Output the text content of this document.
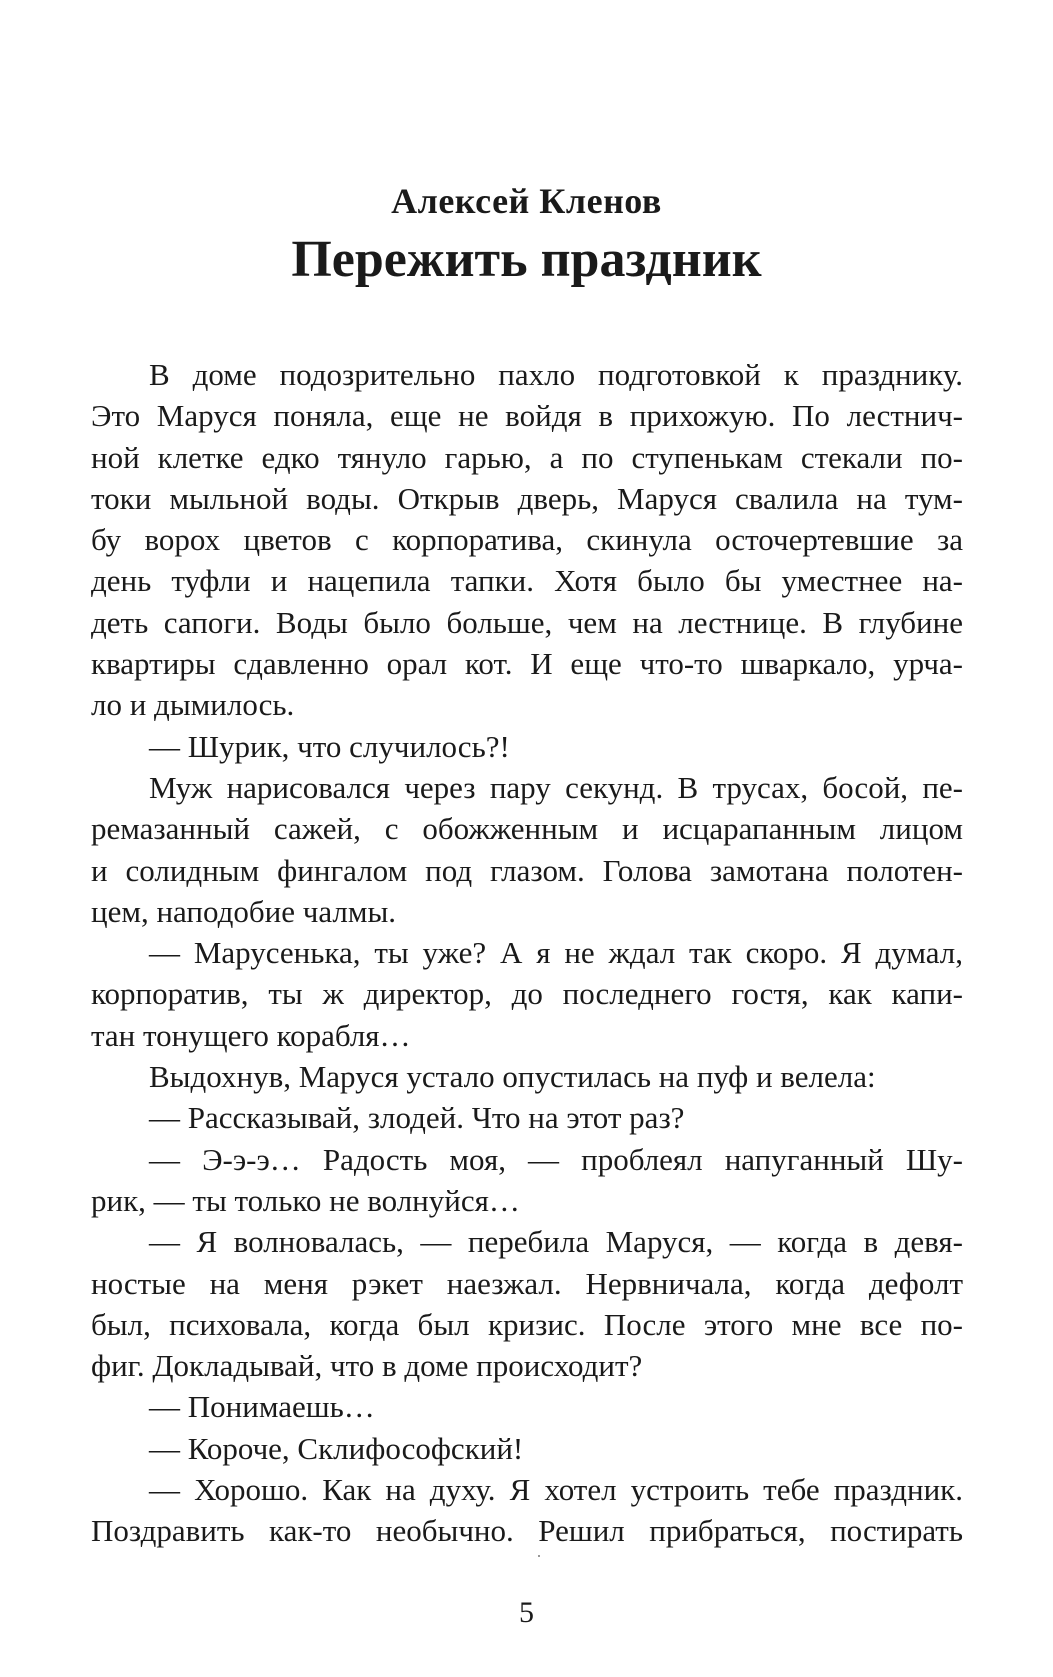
Алексей Кленов
Пережить праздник
В доме подозрительно пахло подготовкой к празднику.
Это Маруся поняла, еще не войдя в прихожую. По лестнич-
ной клетке едко тянуло гарью, а по ступенькам стекали по-
токи мыльной воды. Открыв дверь, Маруся свалила на тум-
бу ворох цветов с корпоратива, скинула осточертевшие за
день туфли и нацепила тапки. Хотя было бы уместнее на-
деть сапоги. Воды было больше, чем на лестнице. В глубине
квартиры сдавленно орал кот. И еще что-то шваркало, урча-
ло и дымилось.
— Шурик, что случилось?!
Муж нарисовался через пару секунд. В трусах, босой, пе-
ремазанный сажей, с обожженным и исцарапанным лицом
и солидным фингалом под глазом. Голова замотана полотен-
цем, наподобие чалмы.
— Марусенька, ты уже? А я не ждал так скоро. Я думал,
корпоратив, ты ж директор, до последнего гостя, как капи-
тан тонущего корабля…
Выдохнув, Маруся устало опустилась на пуф и велела:
— Рассказывай, злодей. Что на этот раз?
— Э-э-э… Радость моя, — проблеял напуганный Шу-
рик, — ты только не волнуйся…
— Я волновалась, — перебила Маруся, — когда в девя-
ностые на меня рэкет наезжал. Нервничала, когда дефолт
был, психовала, когда был кризис. После этого мне все по-
фиг. Докладывай, что в доме происходит?
— Понимаешь…
— Короче, Склифософский!
— Хорошо. Как на духу. Я хотел устроить тебе праздник.
Поздравить как-то необычно. Решил прибраться, постирать
5
